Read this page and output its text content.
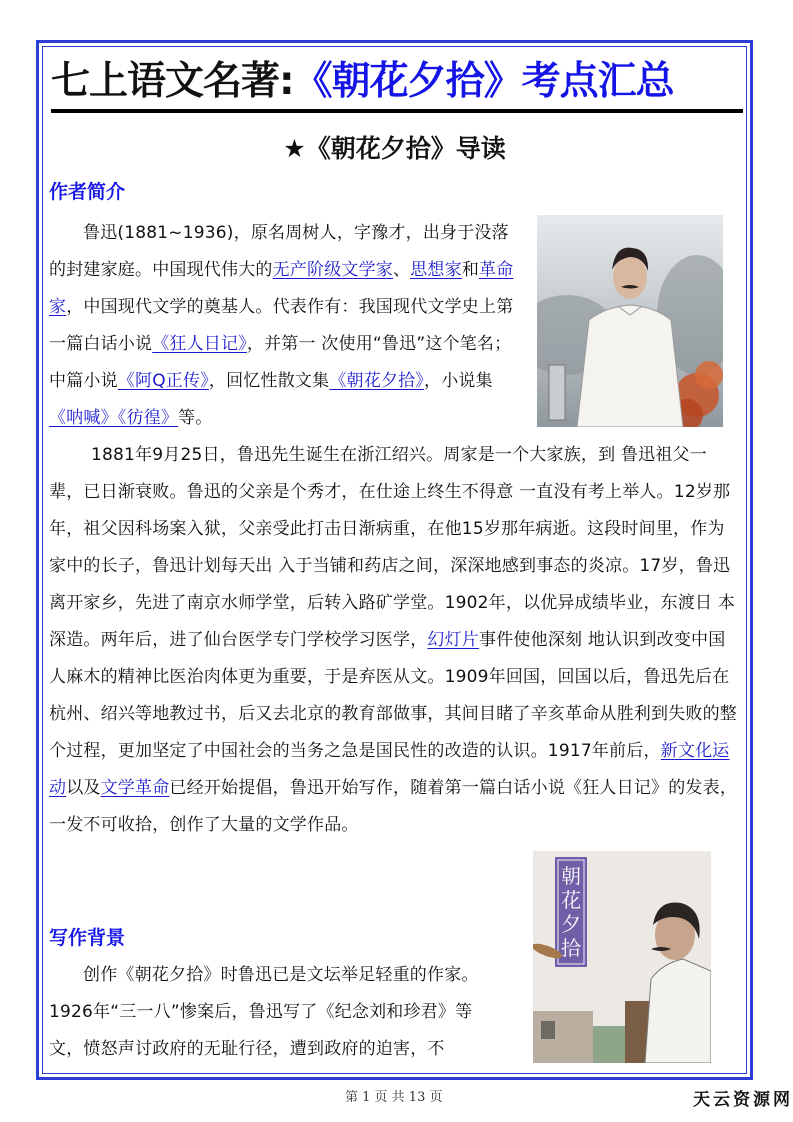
七上语文名著:《朝花夕拾》考点汇总
★《朝花夕拾》导读
作者简介
鲁迅(1881~1936)，原名周树人，字豫才，出身于没落的封建家庭。中国现代伟大的无产阶级文学家、思想家和革命家，中国现代文学的奠基人。代表作有：我国现代文学史上第一篇白话小说《狂人日记》，并第一 次使用“鲁迅”这个笔名；中篇小说《阿Q正传》，回忆性散文集《朝花夕拾》，小说集《呐喊》《彷徨》等。
1881年9月25日，鲁迅先生诞生在浙江绍兴。周家是一个大家族，到 鲁迅祖父一辈，已日渐衰败。鲁迅的父亲是个秀才，在仕途上终生不得意 一直没有考上举人。12岁那年，祖父因科场案入狱，父亲受此打击日渐病重，在他15岁那年病逝。这段时间里，作为家中的长子，鲁迅计划每天出 入于当铺和药店之间，深深地感到事态的炎凉。17岁，鲁迅离开家乡，先进了南京水师学堂，后转入路矿学堂。1902年，以优异成绩毕业，东渡日 本深造。两年后，进了仙台医学专门学校学习医学，幻灯片事件使他深刻 地认识到改变中国人麻木的精神比医治肉体更为重要，于是弃医从文。1909年回国，回国以后，鲁迅先后在杭州、绍兴等地教过书，后又去北京的教育部做事，其间目睹了辛亥革命从胜利到失败的整个过程，更加坚定了中国社会的当务之急是国民性的改造的认识。1917年前后，新文化运动以及文学革命已经开始提倡，鲁迅开始写作，随着第一篇白话小说《狂人日记》的发表，一发不可收拾，创作了大量的文学作品。
写作背景
创作《朝花夕拾》时鲁迅已是文坛举足轻重的作家。1926年“三一八”惨案后，鲁迅写了《纪念刘和珍君》等文，愤怒声讨政府的无耻行径，遭到政府的迫害，不
朝
花
夕
拾
第 1 页 共 13 页	天云资源网
